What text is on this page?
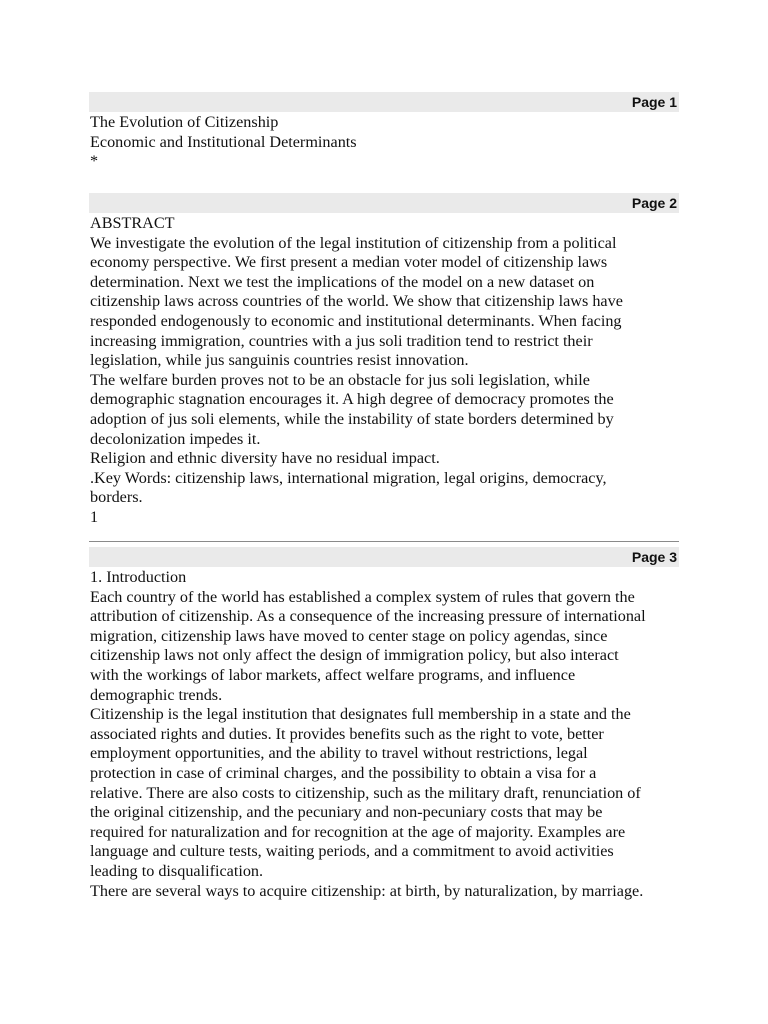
Page 1
The Evolution of Citizenship
Economic and Institutional Determinants
*
Page 2
ABSTRACT
We investigate the evolution of the legal institution of citizenship from a political
economy perspective. We first present a median voter model of citizenship laws
determination. Next we test the implications of the model on a new dataset on
citizenship laws across countries of the world. We show that citizenship laws have
responded endogenously to economic and institutional determinants. When facing
increasing immigration, countries with a jus soli tradition tend to restrict their
legislation, while jus sanguinis countries resist innovation.
The welfare burden proves not to be an obstacle for jus soli legislation, while
demographic stagnation encourages it. A high degree of democracy promotes the
adoption of jus soli elements, while the instability of state borders determined by
decolonization impedes it.
Religion and ethnic diversity have no residual impact.
.Key Words: citizenship laws, international migration, legal origins, democracy,
borders.
1
Page 3
1. Introduction
Each country of the world has established a complex system of rules that govern the
attribution of citizenship. As a consequence of the increasing pressure of international
migration, citizenship laws have moved to center stage on policy agendas, since
citizenship laws not only affect the design of immigration policy, but also interact
with the workings of labor markets, affect welfare programs, and influence
demographic trends.
Citizenship is the legal institution that designates full membership in a state and the
associated rights and duties. It provides benefits such as the right to vote, better
employment opportunities, and the ability to travel without restrictions, legal
protection in case of criminal charges, and the possibility to obtain a visa for a
relative. There are also costs to citizenship, such as the military draft, renunciation of
the original citizenship, and the pecuniary and non-pecuniary costs that may be
required for naturalization and for recognition at the age of majority. Examples are
language and culture tests, waiting periods, and a commitment to avoid activities
leading to disqualification.
There are several ways to acquire citizenship: at birth, by naturalization, by marriage.
